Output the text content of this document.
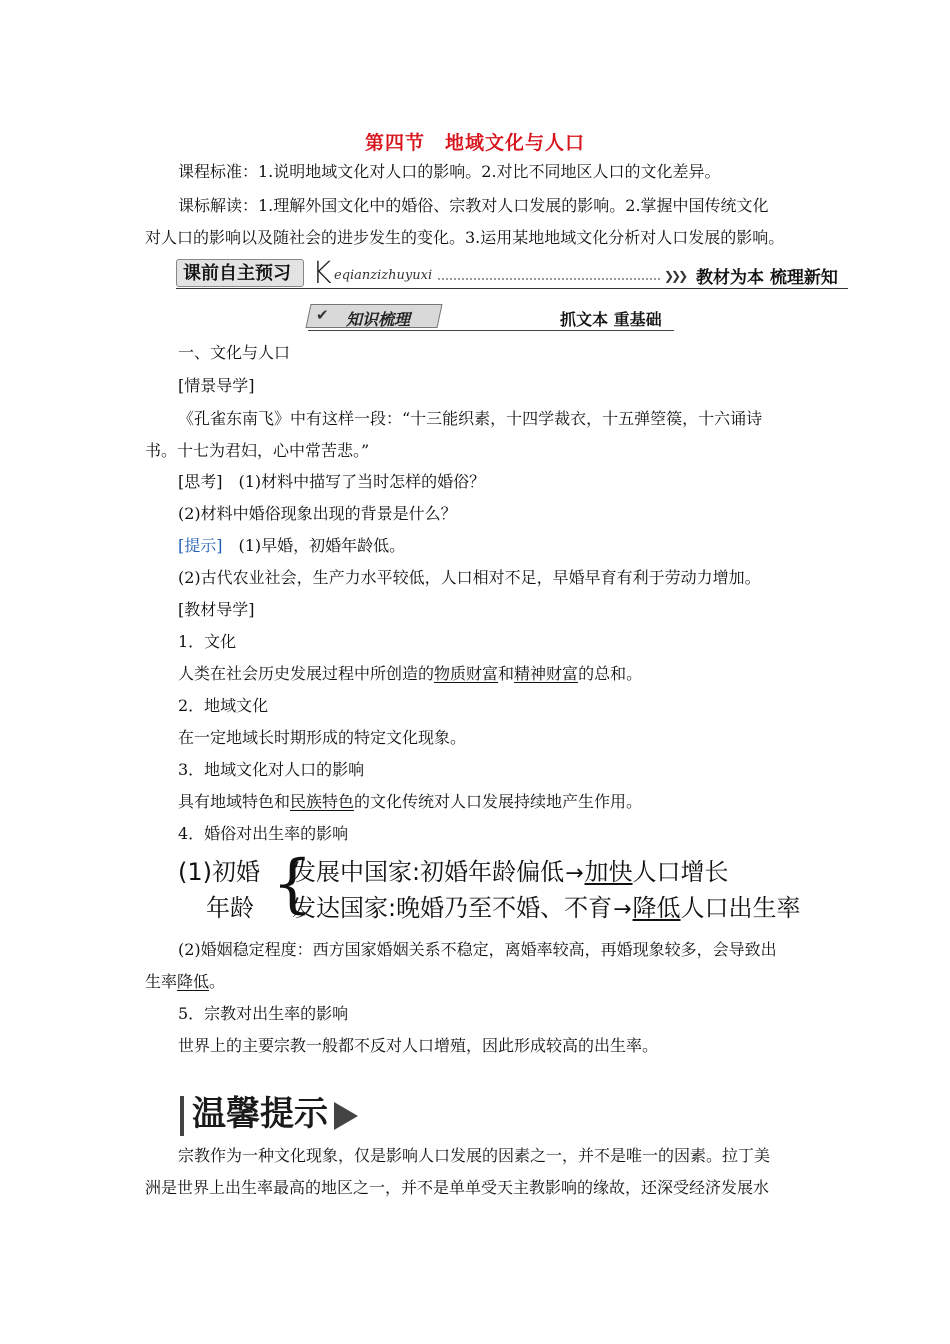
第四节　地域文化与人口
课程标准：1.说明地域文化对人口的影响。2.对比不同地区人口的文化差异。
课标解读：1.理解外国文化中的婚俗、宗教对人口发展的影响。2.掌握中国传统文化
对人口的影响以及随社会的进步发生的变化。3.运用某地地域文化分析对人口发展的影响。
课前自主预习 K eqianzizhuyuxi	❯❯❯ 教材为本 梳理新知
✔ 知识梳理	抓文本 重基础
一、文化与人口
[情景导学]
《孔雀东南飞》中有这样一段：“十三能织素，十四学裁衣，十五弹箜篌，十六诵诗
书。十七为君妇，心中常苦悲。”
[思考]　(1)材料中描写了当时怎样的婚俗？
(2)材料中婚俗现象出现的背景是什么？
[提示]　(1)早婚，初婚年龄低。
(2)古代农业社会，生产力水平较低，人口相对不足，早婚早育有利于劳动力增加。
[教材导学]
1．文化
人类在社会历史发展过程中所创造的物质财富和精神财富的总和。
2．地域文化
在一定地域长时期形成的特定文化现象。
3．地域文化对人口的影响
具有地域特色和民族特色的文化传统对人口发展持续地产生作用。
4．婚俗对出生率的影响
(1)初婚
年龄 {
发展中国家:初婚年龄偏低→加快人口增长
发达国家:晚婚乃至不婚、不育→降低人口出生率
(2)婚姻稳定程度：西方国家婚姻关系不稳定，离婚率较高，再婚现象较多，会导致出
生率降低。
5．宗教对出生率的影响
世界上的主要宗教一般都不反对人口增殖，因此形成较高的出生率。
温馨提示
宗教作为一种文化现象，仅是影响人口发展的因素之一，并不是唯一的因素。拉丁美
洲是世界上出生率最高的地区之一，并不是单单受天主教影响的缘故，还深受经济发展水
